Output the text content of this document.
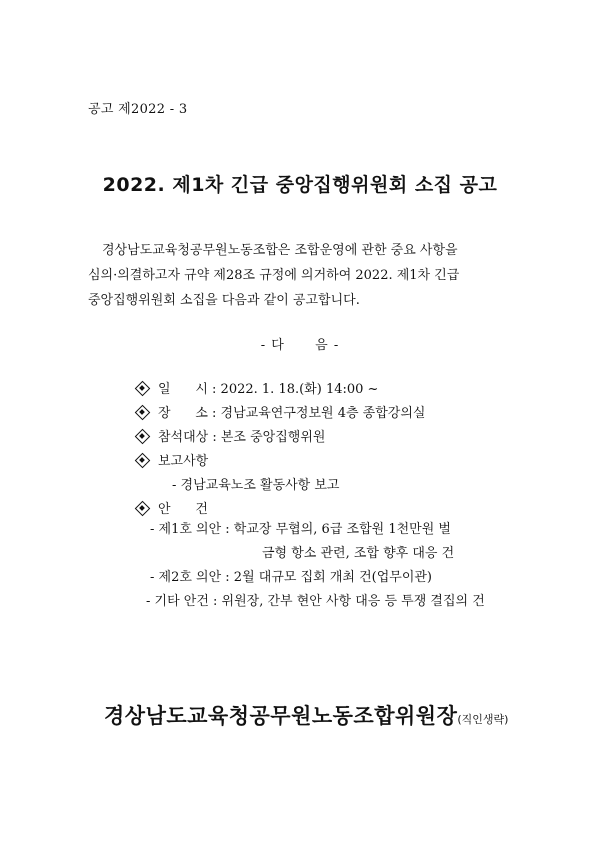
공고 제2022 - 3
2022. 제1차 긴급 중앙집행위원회 소집 공고
경상남도교육청공무원노동조합은 조합운영에 관한 중요 사항을
심의·의결하고자 규약 제28조 규정에 의거하여 2022. 제1차 긴급
중앙집행위원회 소집을 다음과 같이 공고합니다.
- 다 음 -
일      시 : 2022. 1. 18.(화) 14:00 ~
장      소 : 경남교육연구정보원 4층 종합강의실
참석대상 : 본조 중앙집행위원
보고사항
- 경남교육노조 활동사항 보고
안      건
- 제1호 의안 : 학교장 무협의, 6급 조합원 1천만원 벌
금형 항소 관련, 조합 향후 대응 건
- 제2호 의안 : 2월 대규모 집회 개최 건(업무이관)
- 기타 안건 : 위원장, 간부 현안 사항 대응 등 투쟁 결집의 건
경상남도교육청공무원노동조합위원장(직인생략)
